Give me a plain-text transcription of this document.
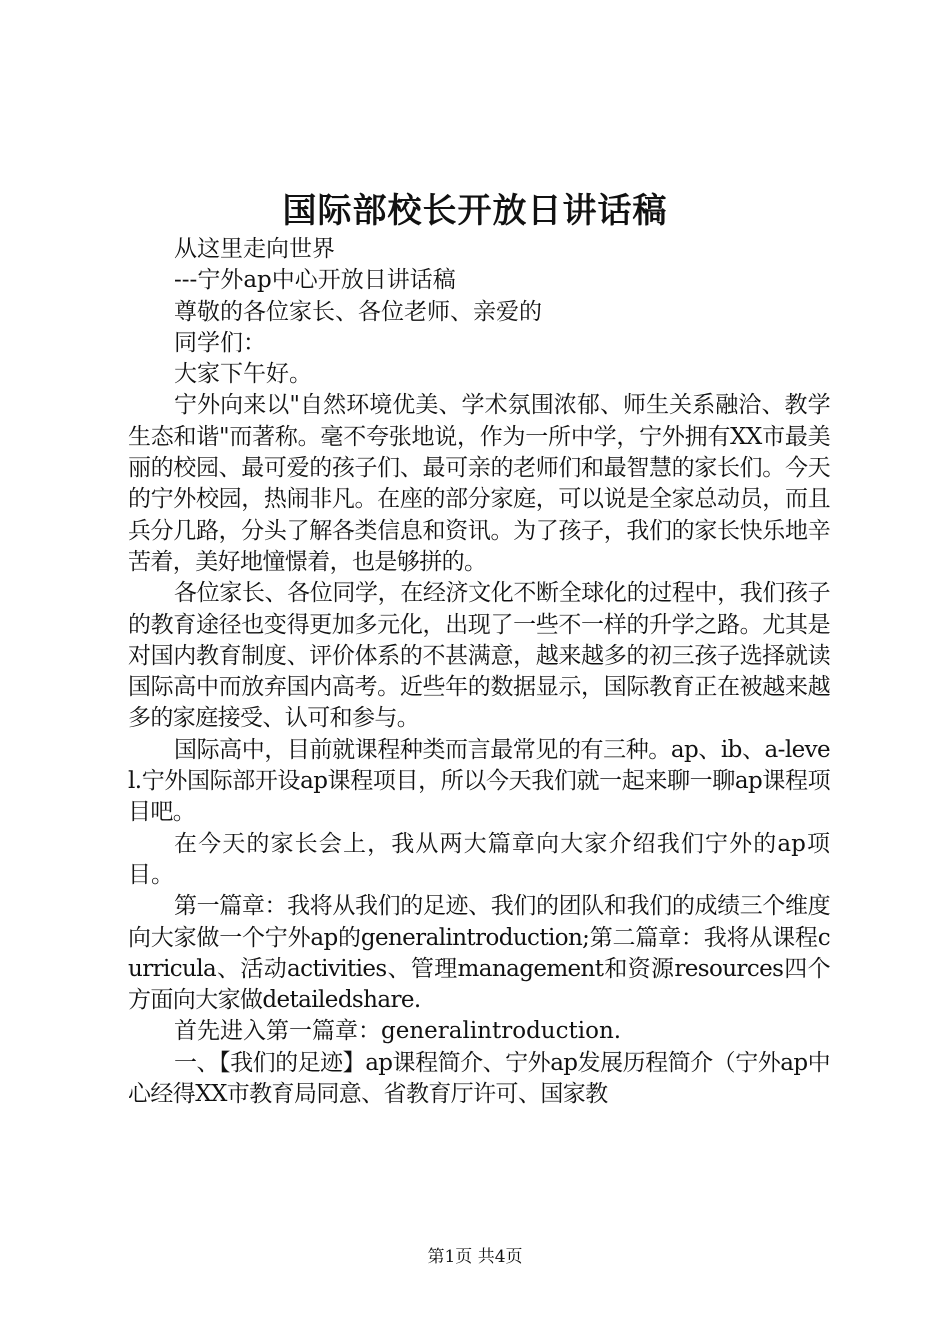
国际部校长开放日讲话稿

从这里走向世界

---宁外ap中心开放日讲话稿

尊敬的各位家长、各位老师、亲爱的

同学们：

大家下午好。

宁外向来以"自然环境优美、学术氛围浓郁、师生关系融洽、教学生态和谐"而著称。毫不夸张地说，作为一所中学，宁外拥有XX市最美丽的校园、最可爱的孩子们、最可亲的老师们和最智慧的家长们。今天的宁外校园，热闹非凡。在座的部分家庭，可以说是全家总动员，而且兵分几路，分头了解各类信息和资讯。为了孩子，我们的家长快乐地辛苦着，美好地憧憬着，也是够拼的。

各位家长、各位同学，在经济文化不断全球化的过程中，我们孩子的教育途径也变得更加多元化，出现了一些不一样的升学之路。尤其是对国内教育制度、评价体系的不甚满意，越来越多的初三孩子选择就读国际高中而放弃国内高考。近些年的数据显示，国际教育正在被越来越多的家庭接受、认可和参与。

国际高中，目前就课程种类而言最常见的有三种。ap、ib、a-level.宁外国际部开设ap课程项目，所以今天我们就一起来聊一聊ap课程项目吧。

在今天的家长会上，我从两大篇章向大家介绍我们宁外的ap项目。

第一篇章：我将从我们的足迹、我们的团队和我们的成绩三个维度向大家做一个宁外ap的generalintroduction;第二篇章：我将从课程curricula、活动activities、管理management和资源resources四个方面向大家做detailedshare.

首先进入第一篇章：generalintroduction.

一、【我们的足迹】ap课程简介、宁外ap发展历程简介（宁外ap中心经得XX市教育局同意、省教育厅许可、国家教

第1页 共4页
